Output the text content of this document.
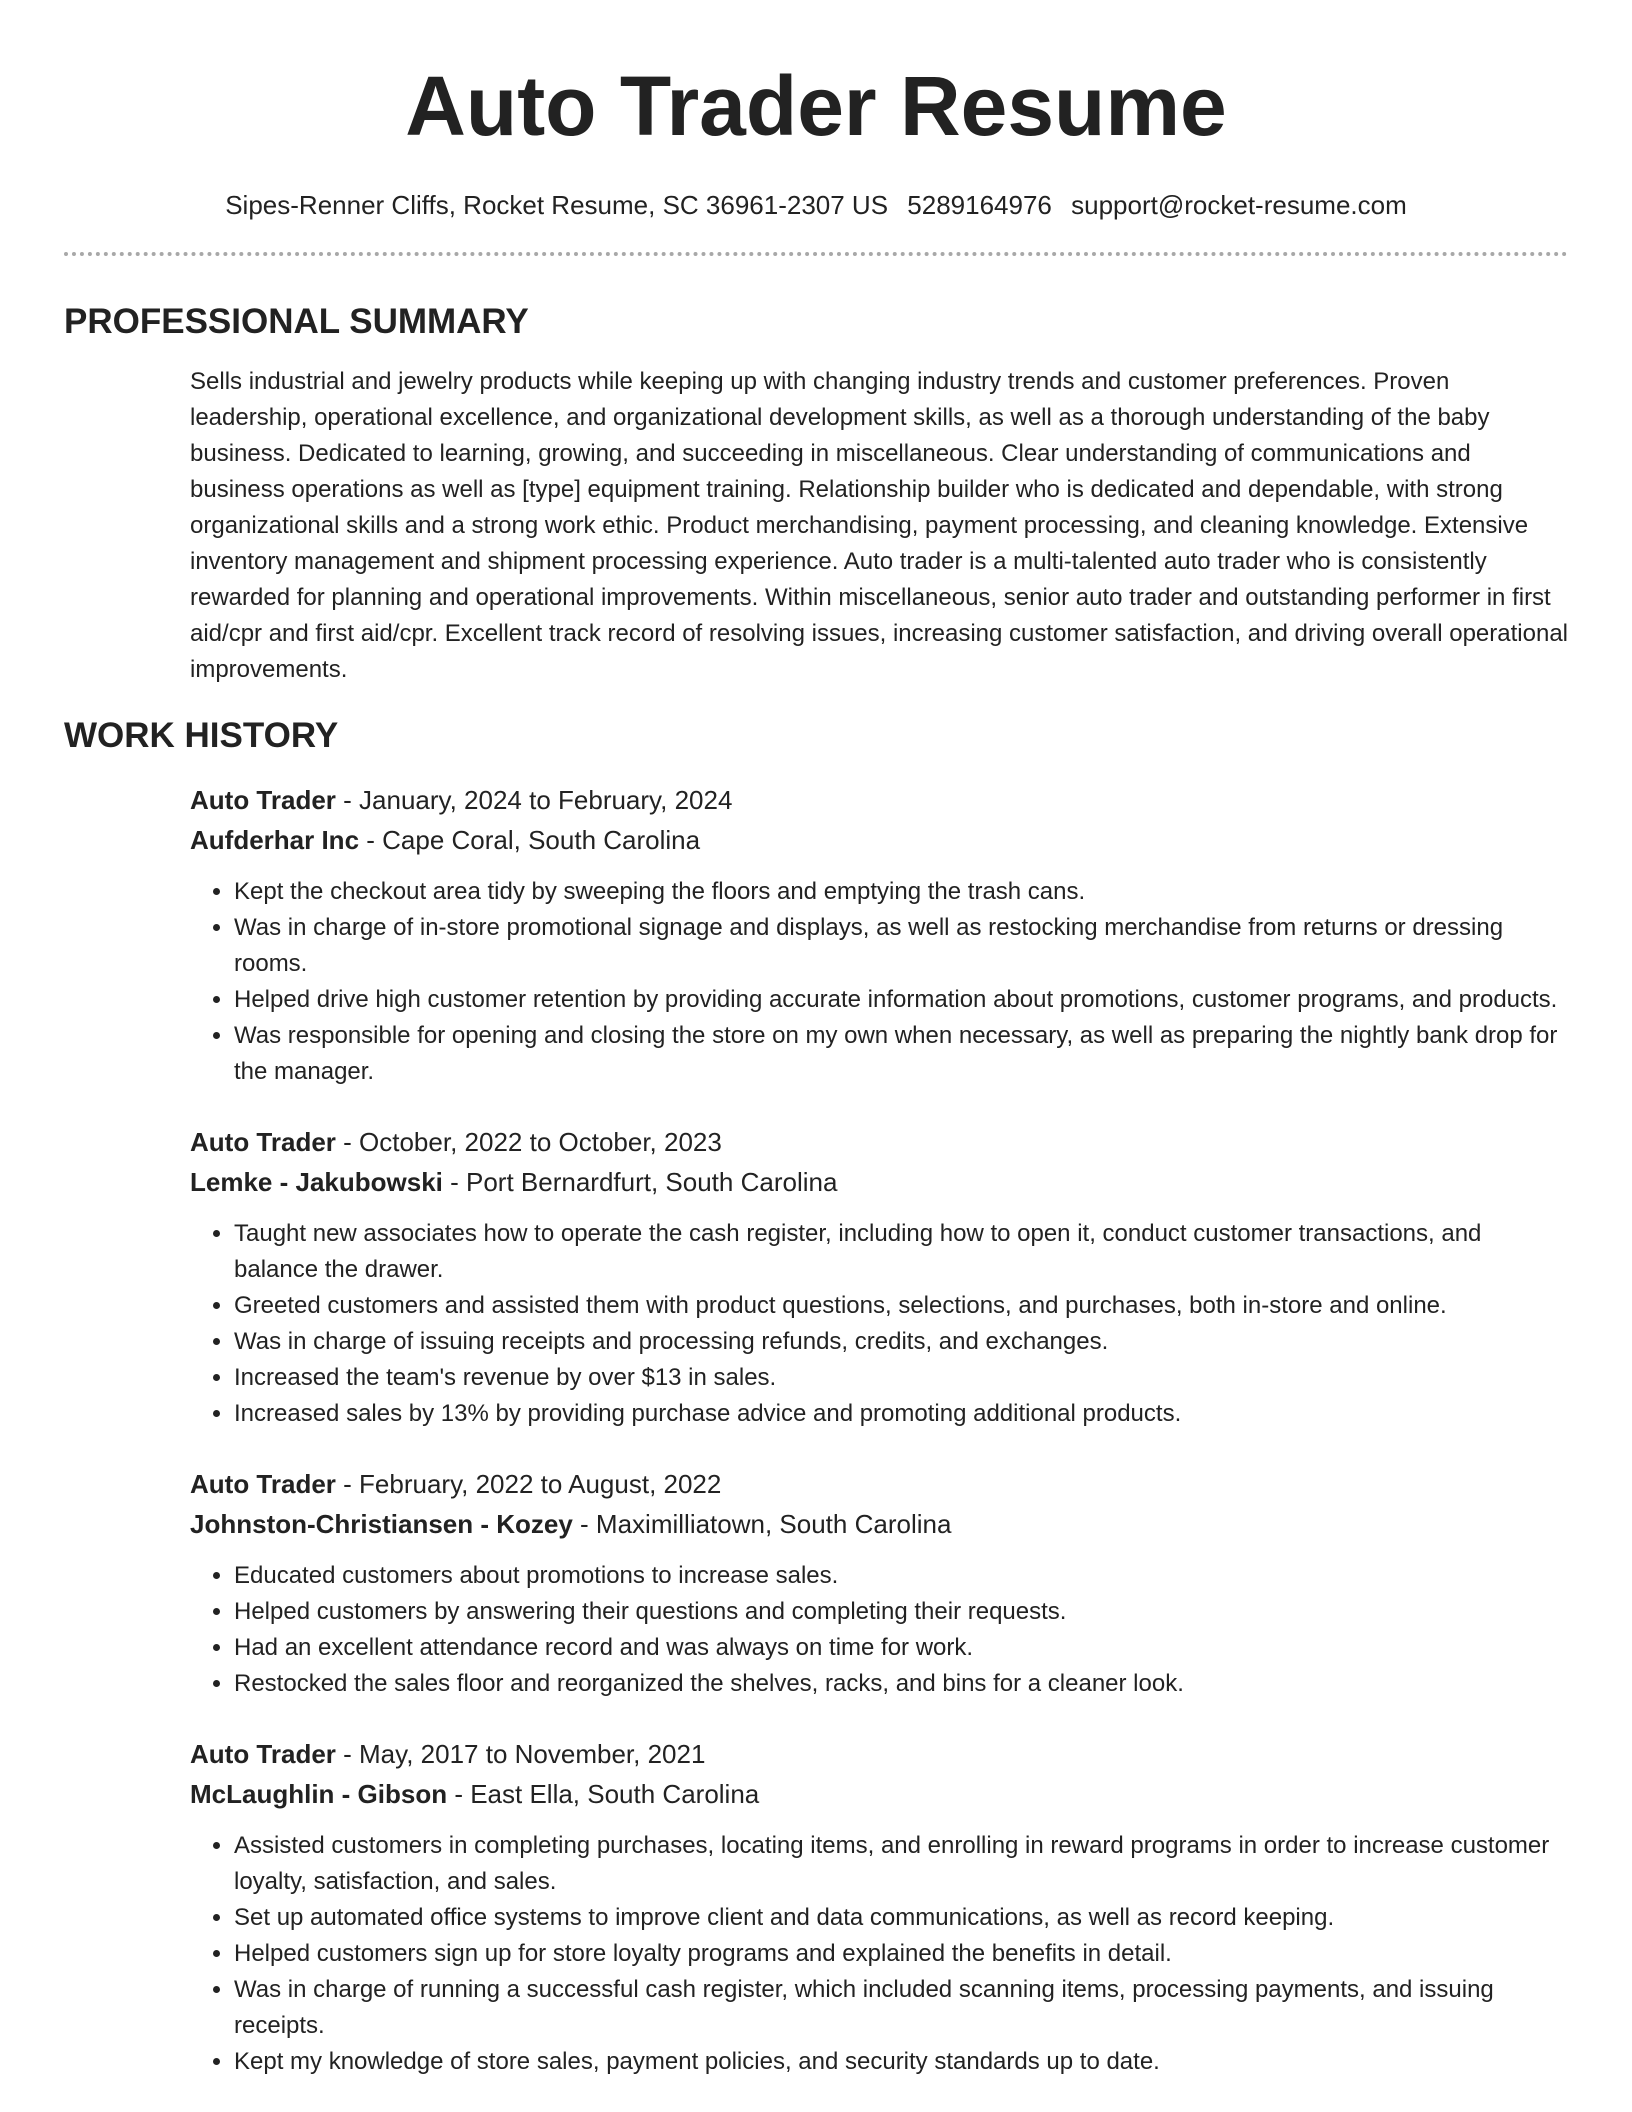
Auto Trader Resume
Sipes-Renner Cliffs, Rocket Resume, SC 36961-2307 US 5289164976 support@rocket-resume.com
PROFESSIONAL SUMMARY

Sells industrial and jewelry products while keeping up with changing industry trends and customer preferences. Proven leadership, operational excellence, and organizational development skills, as well as a thorough understanding of the baby business. Dedicated to learning, growing, and succeeding in miscellaneous. Clear understanding of communications and business operations as well as [type] equipment training. Relationship builder who is dedicated and dependable, with strong organizational skills and a strong work ethic. Product merchandising, payment processing, and cleaning knowledge. Extensive inventory management and shipment processing experience. Auto trader is a multi-talented auto trader who is consistently rewarded for planning and operational improvements. Within miscellaneous, senior auto trader and outstanding performer in first aid/cpr and first aid/cpr. Excellent track record of resolving issues, increasing customer satisfaction, and driving overall operational improvements.

WORK HISTORY
Auto Trader - January, 2024 to February, 2024
Aufderhar Inc - Cape Coral, South Carolina
• Kept the checkout area tidy by sweeping the floors and emptying the trash cans.
• Was in charge of in-store promotional signage and displays, as well as restocking merchandise from returns or dressing rooms.
• Helped drive high customer retention by providing accurate information about promotions, customer programs, and products.
• Was responsible for opening and closing the store on my own when necessary, as well as preparing the nightly bank drop for the manager.
Auto Trader - October, 2022 to October, 2023
Lemke - Jakubowski - Port Bernardfurt, South Carolina
• Taught new associates how to operate the cash register, including how to open it, conduct customer transactions, and balance the drawer.
• Greeted customers and assisted them with product questions, selections, and purchases, both in-store and online.
• Was in charge of issuing receipts and processing refunds, credits, and exchanges.
• Increased the team's revenue by over $13 in sales.
• Increased sales by 13% by providing purchase advice and promoting additional products.
Auto Trader - February, 2022 to August, 2022
Johnston-Christiansen - Kozey - Maximilliatown, South Carolina
• Educated customers about promotions to increase sales.
• Helped customers by answering their questions and completing their requests.
• Had an excellent attendance record and was always on time for work.
• Restocked the sales floor and reorganized the shelves, racks, and bins for a cleaner look.
Auto Trader - May, 2017 to November, 2021
McLaughlin - Gibson - East Ella, South Carolina
• Assisted customers in completing purchases, locating items, and enrolling in reward programs in order to increase customer loyalty, satisfaction, and sales.
• Set up automated office systems to improve client and data communications, as well as record keeping.
• Helped customers sign up for store loyalty programs and explained the benefits in detail.
• Was in charge of running a successful cash register, which included scanning items, processing payments, and issuing receipts.
• Kept my knowledge of store sales, payment policies, and security standards up to date.
